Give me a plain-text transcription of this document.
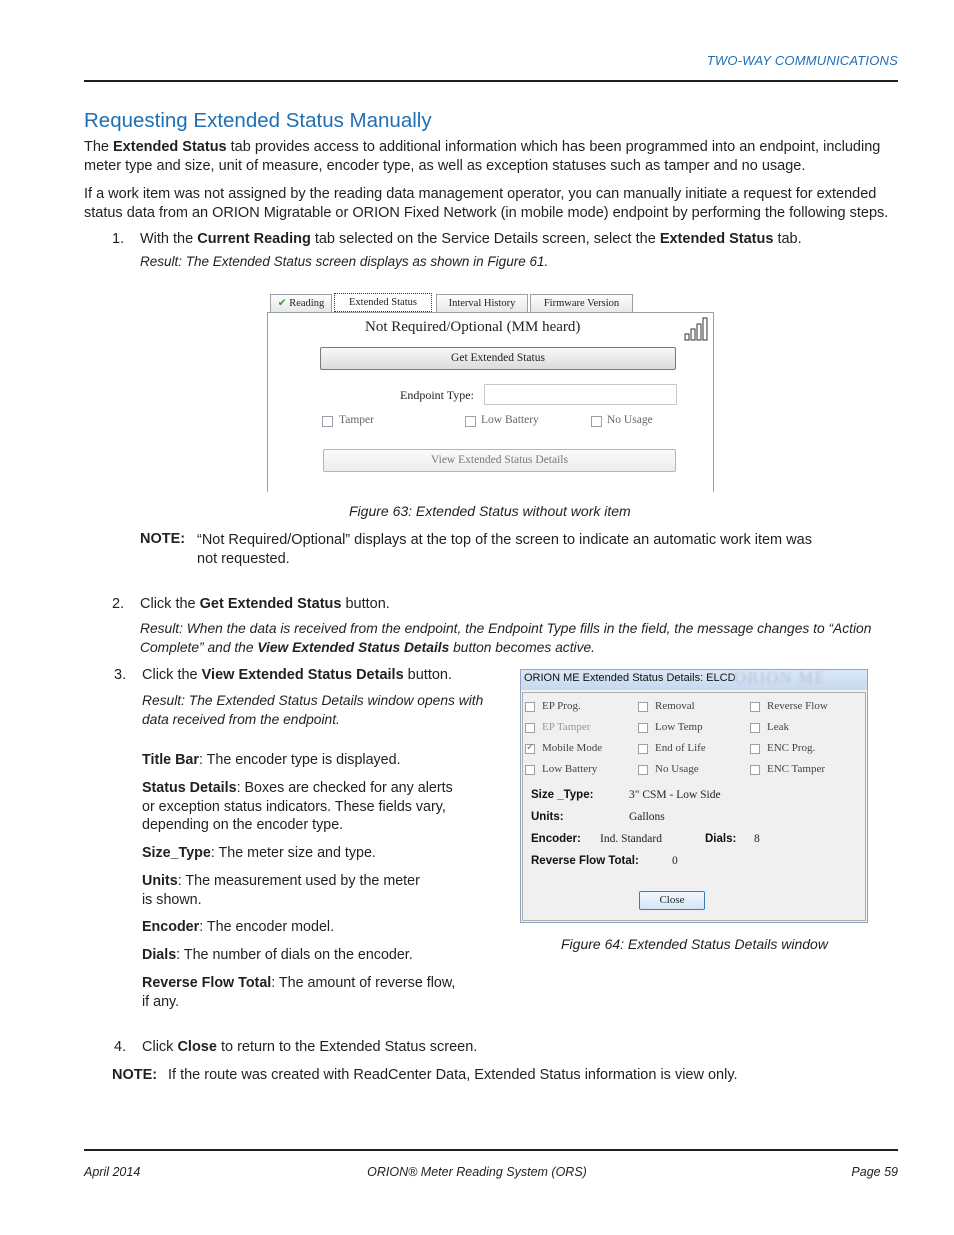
TWO-WAY COMMUNICATIONS
Requesting Extended Status Manually
The Extended Status tab provides access to additional information which has been programmed into an endpoint, including
meter type and size, unit of measure, encoder type, as well as exception statuses such as tamper and no usage.
If a work item was not assigned by the reading data management operator, you can manually initiate a request for extended
status data from an ORION Migratable or ORION Fixed Network (in mobile mode) endpoint by performing the following steps.
1.	With the Current Reading tab selected on the Service Details screen, select the Extended Status tab.
Result: The Extended Status screen displays as shown in Figure 61.
✔ Reading	Extended Status	Interval History	Firmware Version
Not Required/Optional (MM heard)
Get Extended Status
Endpoint Type:
Tamper	Low Battery	No Usage
View Extended Status Details
Figure 63: Extended Status without work item
NOTE: “Not Required/Optional” displays at the top of the screen to indicate an automatic work item was
not requested.
2.	Click the Get Extended Status button.
Result: When the data is received from the endpoint, the Endpoint Type fills in the field, the message changes to “Action
Complete” and the View Extended Status Details button becomes active.
3.	Click the View Extended Status Details button.
Result: The Extended Status Details window opens with
data received from the endpoint.
Title Bar: The encoder type is displayed.
Status Details: Boxes are checked for any alerts
or exception status indicators. These fields vary,
depending on the encoder type.
Size_Type: The meter size and type.
Units: The measurement used by the meter
is shown.
Encoder: The encoder model.
Dials: The number of dials on the encoder.
Reverse Flow Total: The amount of reverse flow,
if any.
ORION ME Extended Status Details: ELCD
ORION ME
EP Prog.	Removal	Reverse Flow
EP Tamper	Low Temp	Leak
✓
Mobile Mode	End of Life	ENC Prog.
Low Battery	No Usage	ENC Tamper
Size _Type:	3" CSM - Low Side
Units:	Gallons
Encoder: Ind. Standard	Dials: 8
Reverse Flow Total:	0
Close
Figure 64: Extended Status Details window
4.	Click Close to return to the Extended Status screen.
NOTE: If the route was created with ReadCenter Data, Extended Status information is view only.
April 2014	ORION® Meter Reading System (ORS)	Page 59
